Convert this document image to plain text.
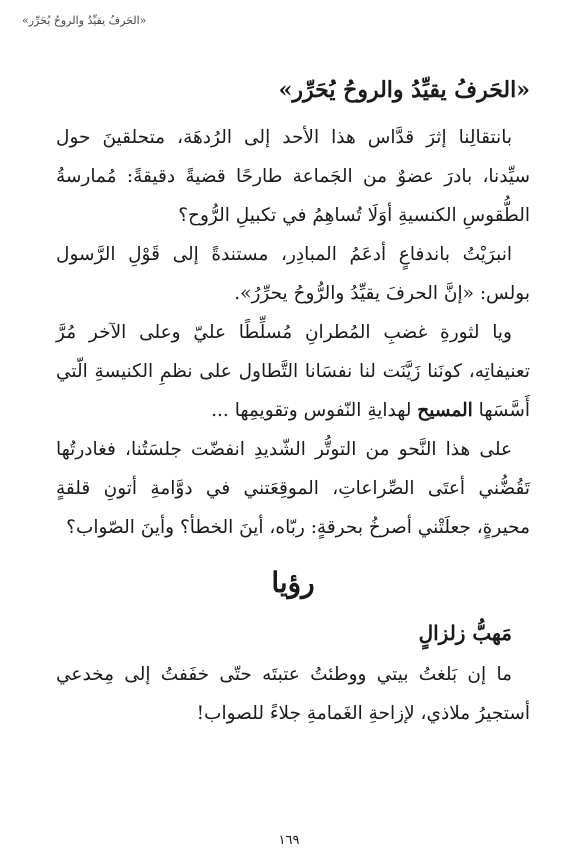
«الحَرفُ يقيِّدُ والروحُ يُحَرِّر»
«الحَرفُ يقيِّدُ والروحُ يُحَرِّر»

بانتقالِنا إثرَ قدَّاس هذا الأحد إلى الرُدهَة، متحلقينَ حول سيِّدنا، بادرَ عضوٌ من الجَماعة طارحًا قضيةً دقيقةً: مُمارسةُ الطُّقوسِ الكنسيةِ أوَلَا تُساهِمُ في تكبيلِ الرُّوح؟

انبرَيْتُ باندفاعٍ أدعَمُ المبادِر، مستندةً إلى قَوْلِ الرَّسول بولس: «إنَّ الحرفَ يقيِّدُ والرُّوحُ يحرِّرُ».

ويا لثورةِ غضبِ المُطرانِ مُسلِّطًا عليّ وعلى الآخر مُرَّ تعنيفاتِه، كونَنا زَيَّنَت لنا نفسَانا التَّطاول على نظمِ الكنيسةِ الّتي أَسَّسَها المسيح لهدايةِ النّفوس وتقويمِها ...

على هذا النَّحو من التوتُّر الشّديدِ انفضّت جلسَتُنا، فغادرتُها تَقُضُّني أعتَى الصِّراعاتِ، الموقِعَتني في دوَّامةِ أتونِ قلقةٍ محيرةٍ، جعلَتْني أصرخُ بحرقةٍ: ربّاه، أينَ الخطأ؟ وأينَ الصّواب؟

رؤيا
مَهبُّ زلزالٍ

ما إن بَلغتُ بيتي ووطئتُ عتبتَه حتّى خفَفتُ إلى مِخدعي أستجيرُ ملاذي، لإزاحةِ الغَمامةِ جلاءً للصواب!

١٦٩
